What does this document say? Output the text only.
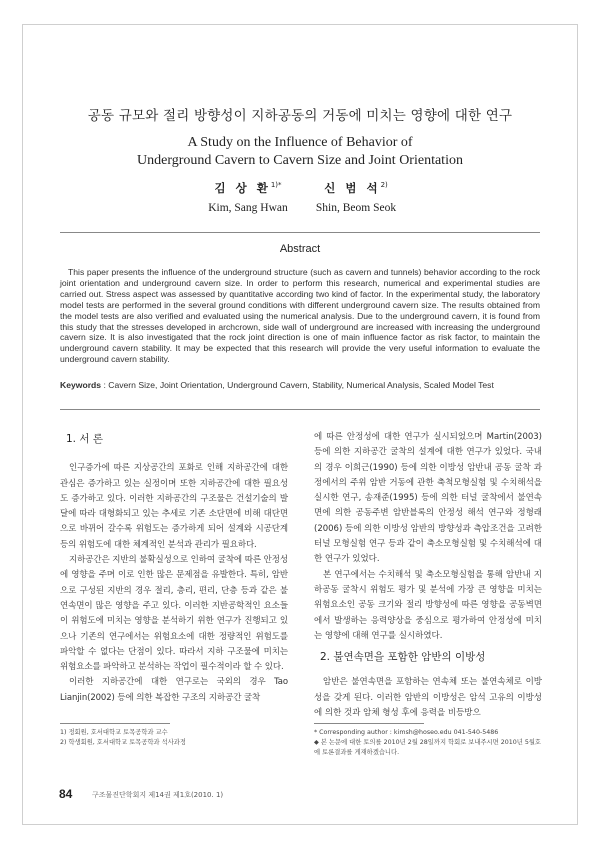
공동 규모와 절리 방향성이 지하공동의 거동에 미치는 영향에 대한 연구
A Study on the Influence of Behavior of
Underground Cavern to Cavern Size and Joint Orientation
김 상 환$^{1)*}$
Kim, Sang Hwan
신 범 석$^{2)}$
Shin, Beom Seok
Abstract
This paper presents the influence of the underground structure (such as cavern and tunnels) behavior according to the rock joint orientation and underground cavern size. In order to perform this research, numerical and experimental studies are carried out. Stress aspect was assessed by quantitative according two kind of factor. In the experimental study, the laboratory model tests are performed in the several ground conditions with different underground cavern size. The results obtained from the model tests are also verified and evaluated using the numerical analysis. Due to the underground cavern, it is found from this study that the stresses developed in archcrown, side wall of underground are increased with increasing the underground cavern size. It is also investigated that the rock joint direction is one of main influence factor as risk factor, to maintain the underground cavern stability. It may be expected that this research will provide the very useful information to evaluate the underground cavern stability.
Keywords : Cavern Size, Joint Orientation, Underground Cavern, Stability, Numerical Analysis, Scaled Model Test
1. 서 론

인구증가에 따른 지상공간의 포화로 인해 지하공간에 대한 관심은 증가하고 있는 실정이며 또한 지하공간에 대한 필요성도 증가하고 있다. 이러한 지하공간의 구조물은 건설기술의 발달에 따라 대형화되고 있는 추세로 기존 소단면에 비해 대단면으로 바뀌어 갈수록 위험도는 증가하게 되어 설계와 시공단계 등의 위험도에 대한 체계적인 분석과 관리가 필요하다.

지하공간은 지반의 불확실성으로 인하여 굴착에 따른 안정성에 영향을 주며 이로 인한 많은 문제점을 유발한다. 특히, 암반으로 구성된 지반의 경우 절리, 층리, 편리, 단층 등과 같은 불연속면이 많은 영향을 주고 있다. 이러한 지반공학적인 요소들이 위험도에 미치는 영향을 분석하기 위한 연구가 진행되고 있으나 기존의 연구에서는 위험요소에 대한 정량적인 위험도를 파악할 수 없다는 단점이 있다. 따라서 지하 구조물에 미치는 위험요소를 파악하고 분석하는 작업이 필수적이라 할 수 있다.

이러한 지하공간에 대한 연구로는 국외의 경우 Tao Lianjin(2002) 등에 의한 복잡한 구조의 지하공간 굴착

에 따른 안정성에 대한 연구가 실시되었으며 Martin(2003) 등에 의한 지하공간 굴착의 설계에 대한 연구가 있었다. 국내의 경우 이희근(1990) 등에 의한 이방성 암반내 공동 굴착 과정에서의 주위 암반 거동에 관한 축척모형실험 및 수치해석을 실시한 연구, 송재준(1995) 등에 의한 터널 굴착에서 불연속면에 의한 공동주변 암반블록의 안정성 해석 연구와 정형래(2006) 등에 의한 이방성 암반의 방향성과 측압조건을 고려한 터널 모형실험 연구 등과 같이 축소모형실험 및 수치해석에 대한 연구가 있었다.

본 연구에서는 수치해석 및 축소모형실험을 통해 암반내 지하공동 굴착시 위험도 평가 및 분석에 가장 큰 영향을 미치는 위험요소인 공동 크기와 절리 방향성에 따른 영향을 공동벽면에서 발생하는 응력양상을 중심으로 평가하여 안정성에 미치는 영향에 대해 연구를 실시하였다.

2. 불연속면을 포함한 암반의 이방성

암반은 불연속면을 포함하는 연속체 또는 불연속체로 이방성을 갖게 된다. 이러한 암반의 이방성은 암석 고유의 이방성에 의한 것과 암체 형성 후에 응력을 비등방으

1) 정회원, 호서대학교 토목공학과 교수
2) 학생회원, 호서대학교 토목공학과 석사과정
* Corresponding author : kimsh@hoseo.edu 041-540-5486
◆ 본 논문에 대한 토의를 2010년 2월 28일까지 학회로 보내주시면 2010년 5월호에 토론결과를 게재하겠습니다.
84	구조물진단학회지 제14권 제1호(2010. 1)
